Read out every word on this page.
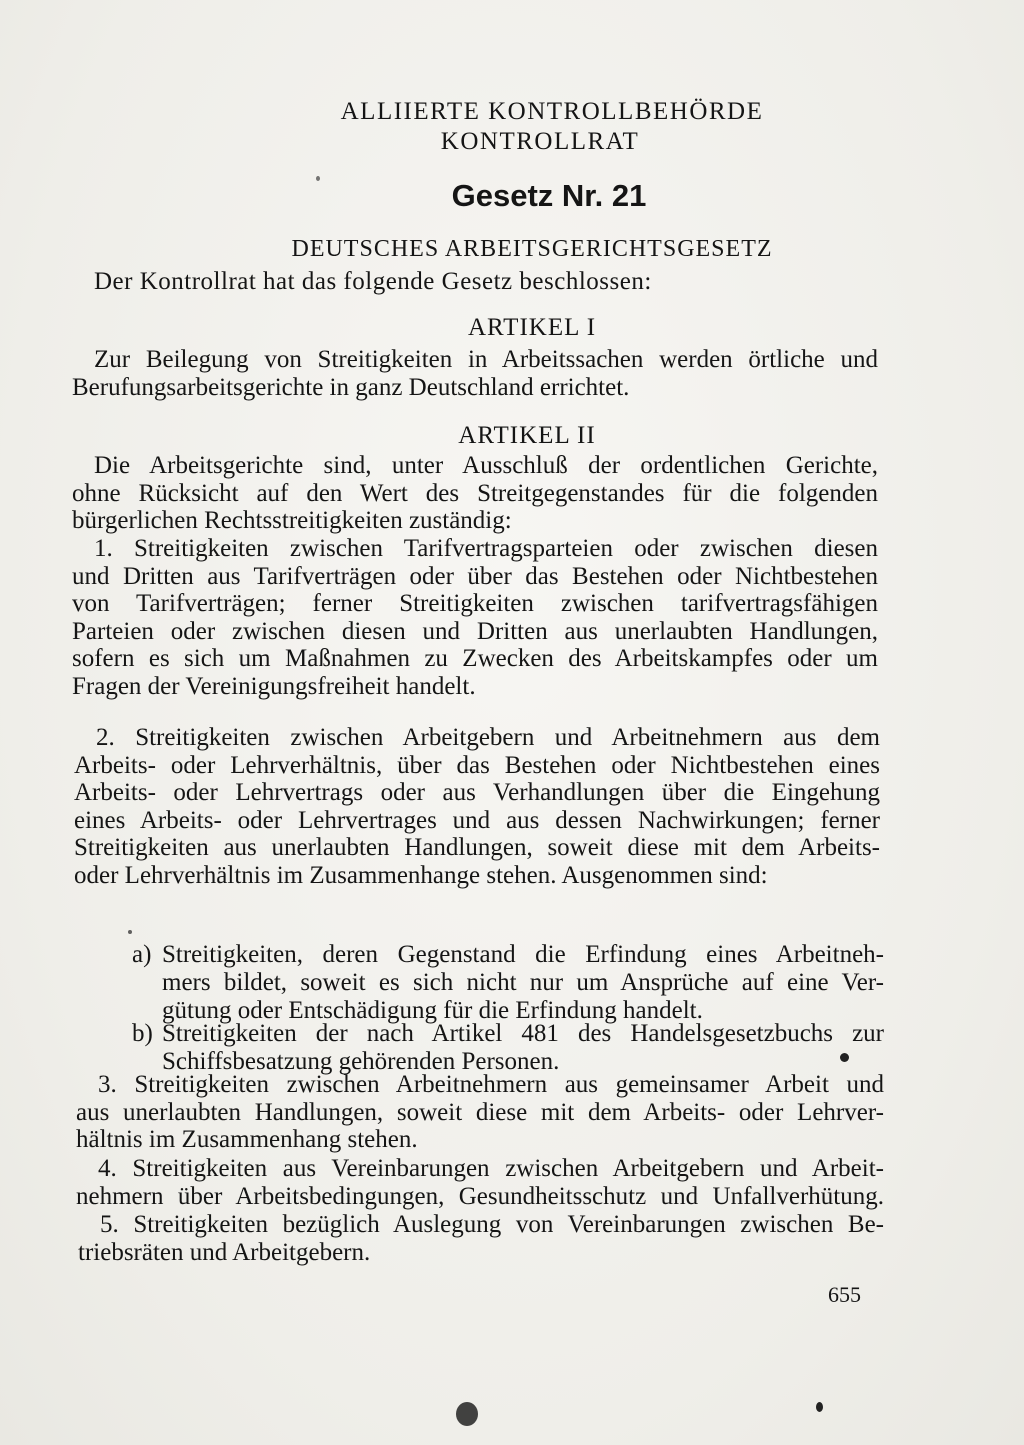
ALLIIERTE KONTROLLBEHÖRDE
KONTROLLRAT
Gesetz Nr. 21
DEUTSCHES ARBEITSGERICHTSGESETZ
Der Kontrollrat hat das folgende Gesetz beschlossen:
ARTIKEL I
Zur Beilegung von Streitigkeiten in Arbeitssachen werden örtliche und
Berufungsarbeitsgerichte in ganz Deutschland errichtet.
ARTIKEL II
Die Arbeitsgerichte sind, unter Ausschluß der ordentlichen Gerichte,
ohne Rücksicht auf den Wert des Streitgegenstandes für die folgenden
bürgerlichen Rechtsstreitigkeiten zuständig:
1. Streitigkeiten zwischen Tarifvertragsparteien oder zwischen diesen
und Dritten aus Tarifverträgen oder über das Bestehen oder Nichtbestehen
von Tarifverträgen; ferner Streitigkeiten zwischen tarifvertragsfähigen
Parteien oder zwischen diesen und Dritten aus unerlaubten Handlungen,
sofern es sich um Maßnahmen zu Zwecken des Arbeitskampfes oder um
Fragen der Vereinigungsfreiheit handelt.
2. Streitigkeiten zwischen Arbeitgebern und Arbeitnehmern aus dem
Arbeits- oder Lehrverhältnis, über das Bestehen oder Nichtbestehen eines
Arbeits- oder Lehrvertrags oder aus Verhandlungen über die Eingehung
eines Arbeits- oder Lehrvertrages und aus dessen Nachwirkungen; ferner
Streitigkeiten aus unerlaubten Handlungen, soweit diese mit dem Arbeits-
oder Lehrverhältnis im Zusammenhange stehen. Ausgenommen sind:
a) Streitigkeiten, deren Gegenstand die Erfindung eines Arbeitneh-
mers bildet, soweit es sich nicht nur um Ansprüche auf eine Ver-
gütung oder Entschädigung für die Erfindung handelt.
b) Streitigkeiten der nach Artikel 481 des Handelsgesetzbuchs zur
Schiffsbesatzung gehörenden Personen.
3. Streitigkeiten zwischen Arbeitnehmern aus gemeinsamer Arbeit und
aus unerlaubten Handlungen, soweit diese mit dem Arbeits- oder Lehrver-
hältnis im Zusammenhang stehen.
4. Streitigkeiten aus Vereinbarungen zwischen Arbeitgebern und Arbeit-
nehmern über Arbeitsbedingungen, Gesundheitsschutz und Unfallverhütung.
5. Streitigkeiten bezüglich Auslegung von Vereinbarungen zwischen Be-
triebsräten und Arbeitgebern.
655
